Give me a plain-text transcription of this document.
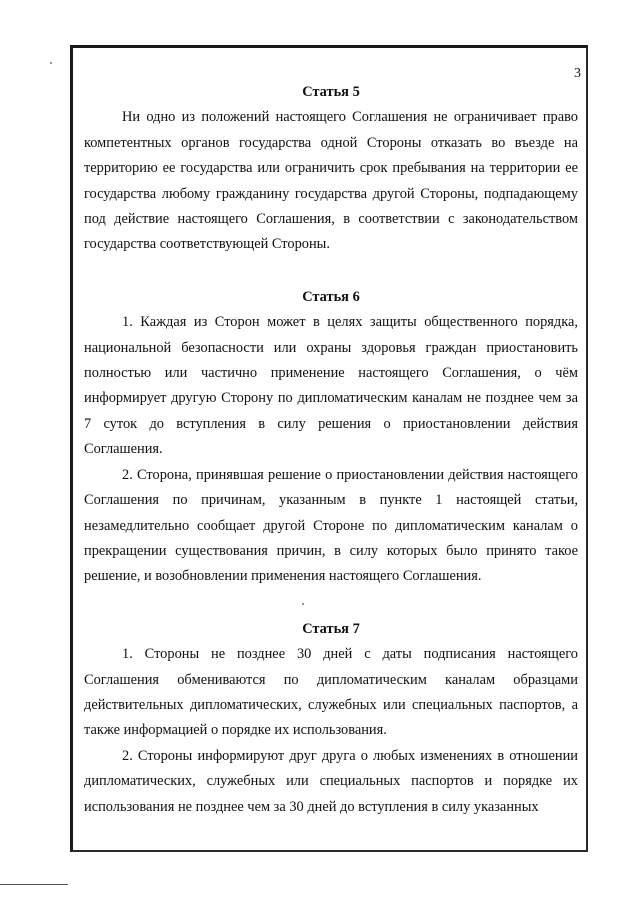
3

Статья 5

Ни одно из положений настоящего Соглашения не ограничивает право компетентных органов государства одной Стороны отказать во въезде на территорию ее государства или ограничить срок пребывания на территории ее государства любому гражданину государства другой Стороны, подпадающему под действие настоящего Соглашения, в соответствии с законодательством государства соответствующей Стороны.

Статья 6

1. Каждая из Сторон может в целях защиты общественного порядка, национальной безопасности или охраны здоровья граждан приостановить полностью или частично применение настоящего Соглашения, о чём информирует другую Сторону по дипломатическим каналам не позднее чем за 7 суток до вступления в силу решения о приостановлении действия Соглашения.

2. Сторона, принявшая решение о приостановлении действия настоящего Соглашения по причинам, указанным в пункте 1 настоящей статьи, незамедлительно сообщает другой Стороне по дипломатическим каналам о прекращении существования причин, в силу которых было принято такое решение, и возобновлении применения настоящего Соглашения.

Статья 7

1. Стороны не позднее 30 дней с даты подписания настоящего Соглашения обмениваются по дипломатическим каналам образцами действительных дипломатических, служебных или специальных паспортов, а также информацией о порядке их использования.

2. Стороны информируют друг друга о любых изменениях в отношении дипломатических, служебных или специальных паспортов и порядке их использования не позднее чем за 30 дней до вступления в силу указанных
